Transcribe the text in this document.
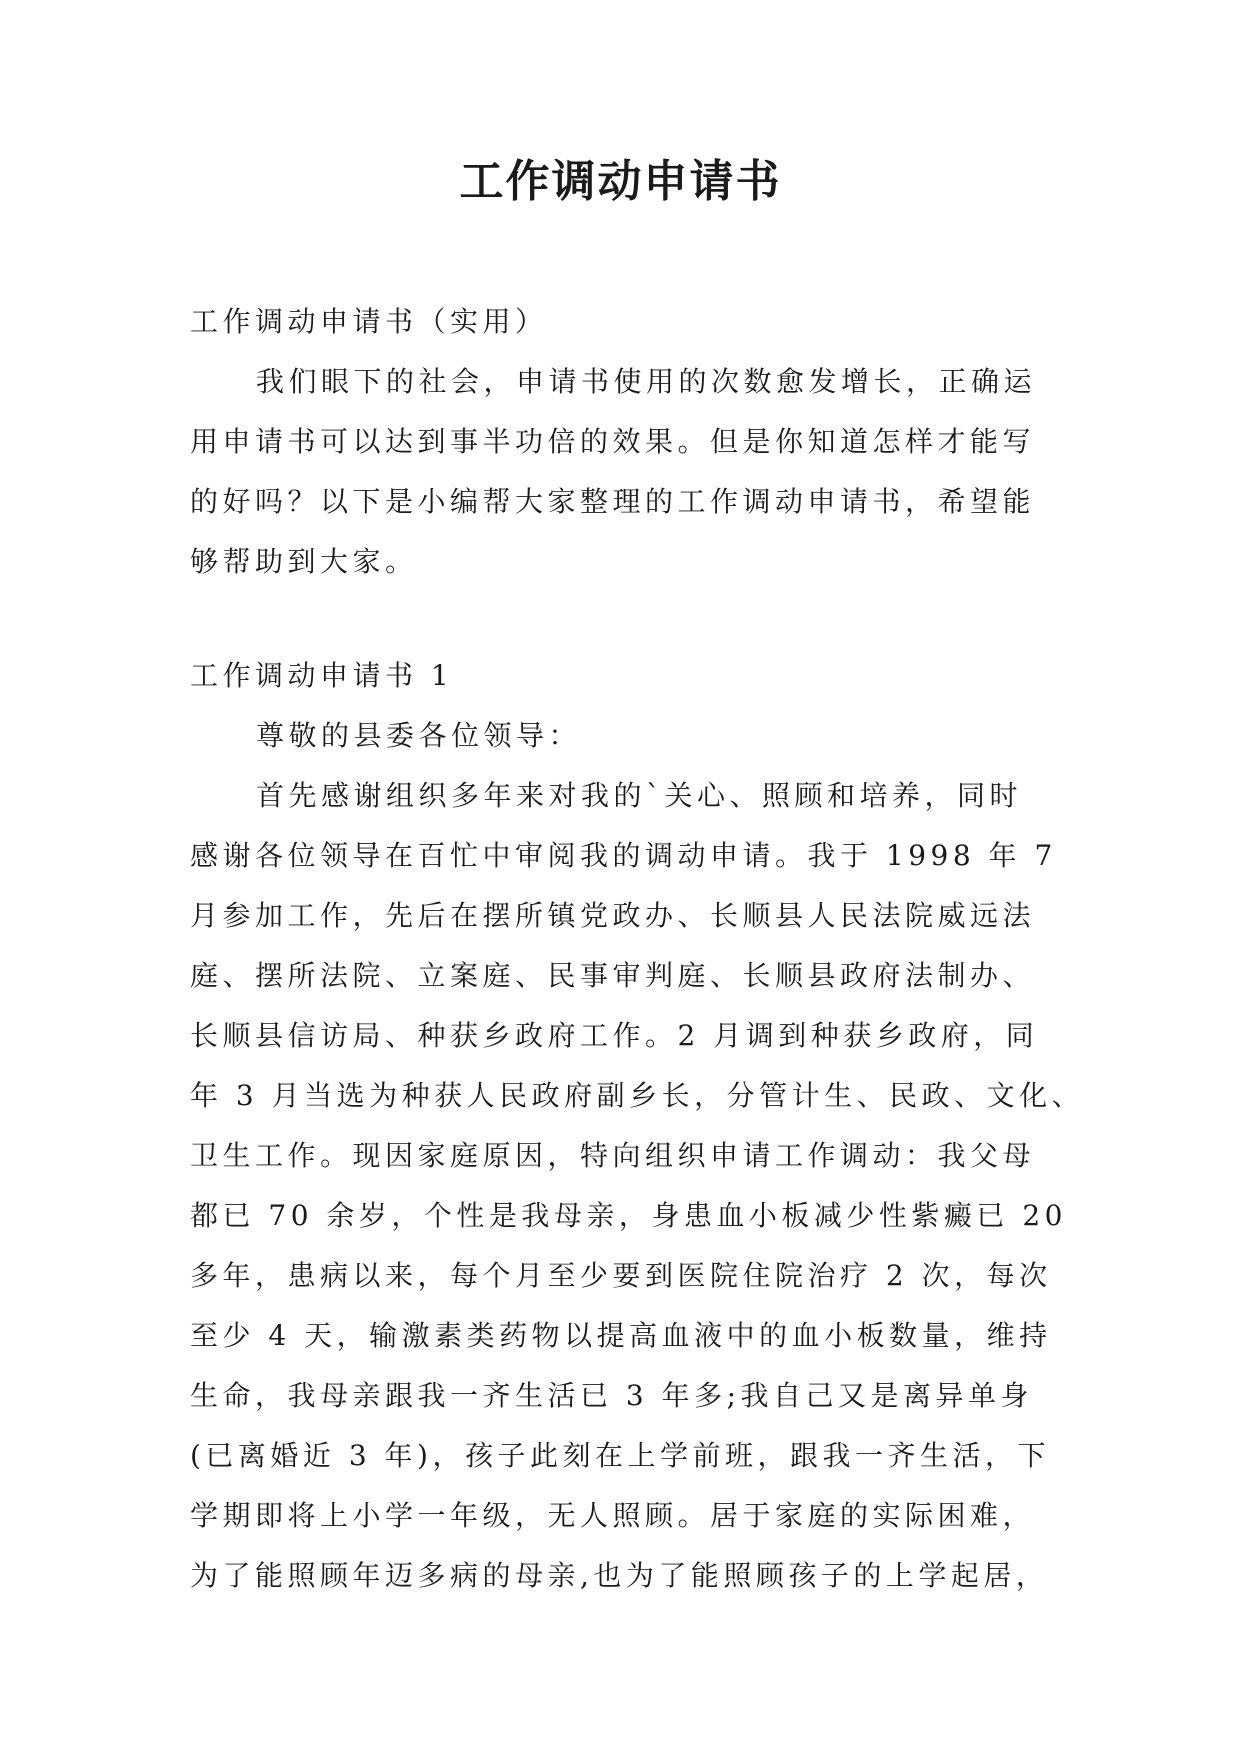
工作调动申请书
工作调动申请书（实用）
我们眼下的社会，申请书使用的次数愈发增长，正确运
用申请书可以达到事半功倍的效果。但是你知道怎样才能写
的好吗？以下是小编帮大家整理的工作调动申请书，希望能
够帮助到大家。
工作调动申请书 1
尊敬的县委各位领导：
首先感谢组织多年来对我的`关心、照顾和培养，同时
感谢各位领导在百忙中审阅我的调动申请。我于 1998 年 7
月参加工作，先后在摆所镇党政办、长顺县人民法院威远法
庭、摆所法院、立案庭、民事审判庭、长顺县政府法制办、
长顺县信访局、种获乡政府工作。2 月调到种获乡政府，同
年 3 月当选为种获人民政府副乡长，分管计生、民政、文化、
卫生工作。现因家庭原因，特向组织申请工作调动：我父母
都已 70 余岁，个性是我母亲，身患血小板减少性紫癜已 20
多年，患病以来，每个月至少要到医院住院治疗 2 次，每次
至少 4 天，输激素类药物以提高血液中的血小板数量，维持
生命，我母亲跟我一齐生活已 3 年多;我自己又是离异单身
(已离婚近 3 年)，孩子此刻在上学前班，跟我一齐生活，下
学期即将上小学一年级，无人照顾。居于家庭的实际困难，
为了能照顾年迈多病的母亲,也为了能照顾孩子的上学起居，
